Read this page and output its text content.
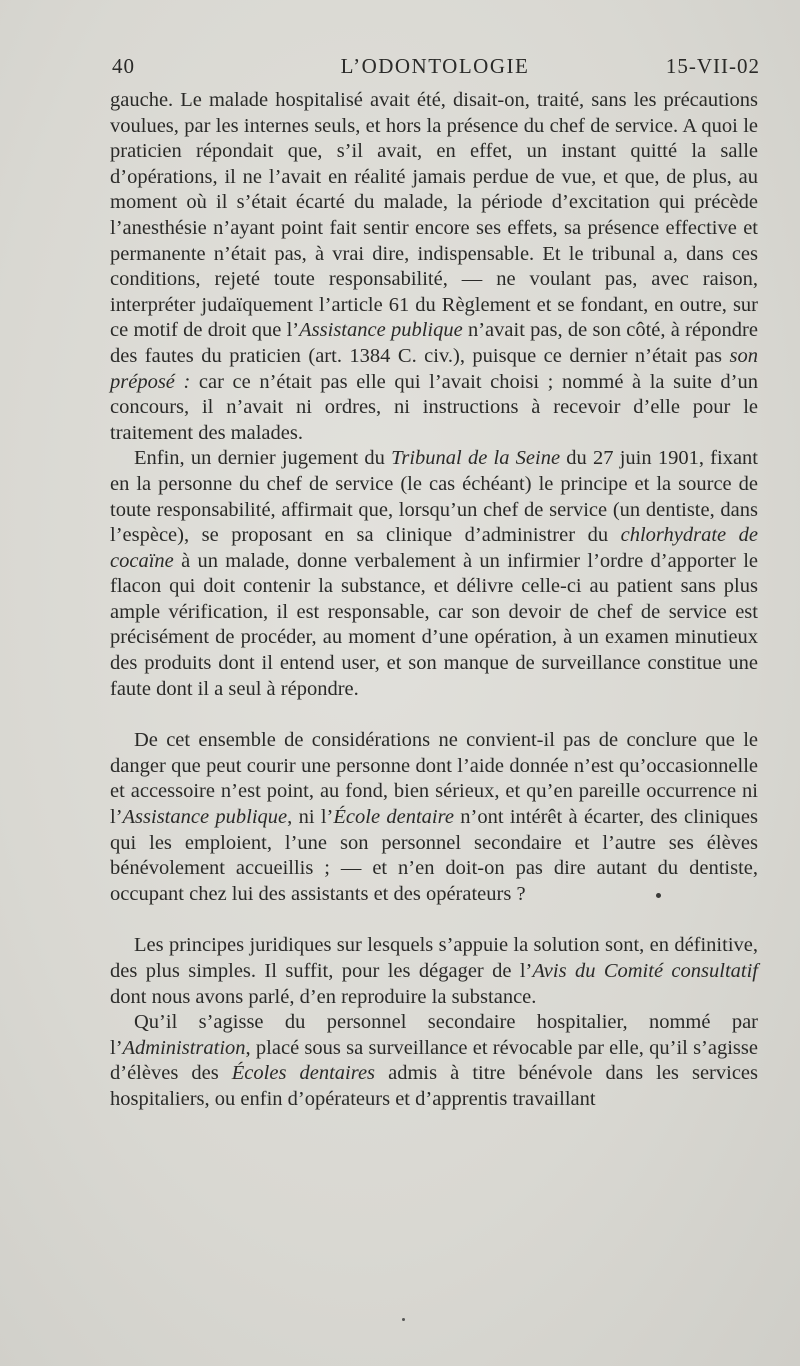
40	L’ODONTOLOGIE	15-VII-02

gauche. Le malade hospitalisé avait été, disait-on, traité, sans les précautions voulues, par les internes seuls, et hors la présence du chef de service. A quoi le praticien répondait que, s’il avait, en effet, un instant quitté la salle d’opérations, il ne l’avait en réalité jamais perdue de vue, et que, de plus, au moment où il s’était écarté du malade, la période d’excitation qui précède l’anesthésie n’ayant point fait sentir encore ses effets, sa présence effective et permanente n’était pas, à vrai dire, indispensable. Et le tribunal a, dans ces conditions, rejeté toute responsabilité, — ne voulant pas, avec raison, interpréter judaïquement l’article 61 du Règlement et se fondant, en outre, sur ce motif de droit que l’Assistance publique n’avait pas, de son côté, à répondre des fautes du praticien (art. 1384 C. civ.), puisque ce dernier n’était pas son préposé : car ce n’était pas elle qui l’avait choisi ; nommé à la suite d’un concours, il n’avait ni ordres, ni instructions à recevoir d’elle pour le traitement des malades.

Enfin, un dernier jugement du Tribunal de la Seine du 27 juin 1901, fixant en la personne du chef de service (le cas échéant) le principe et la source de toute responsabilité, affirmait que, lorsqu’un chef de service (un dentiste, dans l’espèce), se proposant en sa clinique d’administrer du chlorhydrate de cocaïne à un malade, donne verbalement à un infirmier l’ordre d’apporter le flacon qui doit contenir la substance, et délivre celle-ci au patient sans plus ample vérification, il est responsable, car son devoir de chef de service est précisément de procéder, au moment d’une opération, à un examen minutieux des produits dont il entend user, et son manque de surveillance constitue une faute dont il a seul à répondre.

De cet ensemble de considérations ne convient-il pas de conclure que le danger que peut courir une personne dont l’aide donnée n’est qu’occasionnelle et accessoire n’est point, au fond, bien sérieux, et qu’en pareille occurrence ni l’Assistance publique, ni l’École dentaire n’ont intérêt à écarter, des cliniques qui les emploient, l’une son personnel secondaire et l’autre ses élèves bénévolement accueillis ; — et n’en doit-on pas dire autant du dentiste, occupant chez lui des assistants et des opérateurs ?

Les principes juridiques sur lesquels s’appuie la solution sont, en définitive, des plus simples. Il suffit, pour les dégager de l’Avis du Comité consultatif dont nous avons parlé, d’en reproduire la substance.

Qu’il s’agisse du personnel secondaire hospitalier, nommé par l’Administration, placé sous sa surveillance et révocable par elle, qu’il s’agisse d’élèves des Écoles dentaires admis à titre bénévole dans les services hospitaliers, ou enfin d’opérateurs et d’apprentis travaillant
